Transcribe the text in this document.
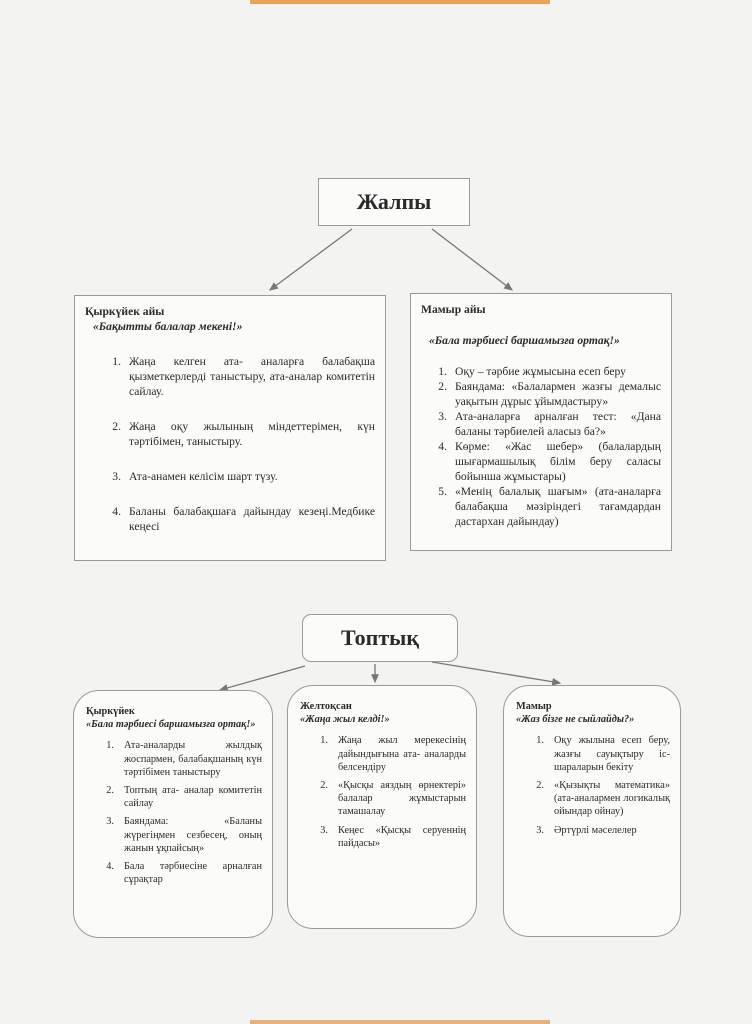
Жалпы
Қыркүйек айы
«Бақытты балалар мекені!»
1. Жаңа келген ата- аналарға балабақша қызметкерлерді таныстыру, ата-аналар комитетін сайлау.
2. Жаңа оқу жылының міндеттерімен, күн тәртібімен, таныстыру.
3. Ата-анамен келісім шарт түзу.
4. Баланы балабақшаға дайындау кезеңі.Медбике кеңесі
Мамыр айы
«Бала тәрбиесі баршамызға ортақ!»
1. Оқу – тәрбие жұмысына есеп беру
2. Баяндама: «Балалармен жазғы демалыс уақытын дұрыс ұйымдастыру»
3. Ата-аналарға арналған тест: «Дана баланы тәрбиелей аласыз ба?»
4. Көрме: «Жас шебер» (балалардың шығармашылық білім беру саласы бойынша жұмыстары)
5. «Менің балалық шағым» (ата-аналарға балабақша мәзіріндегі тағамдардан дастархан дайындау)
Топтық
Қыркүйек
«Бала тәрбиесі баршамызға ортақ!»
1. Ата-аналарды жылдық жоспармен, балабақшаның күн тәртібімен таныстыру
2. Топтың ата- аналар комитетін сайлау
3. Баяндама: «Баланы жүрегіңмен сезбесең, оның жанын ұқпайсың»
4. Бала тәрбиесіне арналған сұрақтар
Желтоқсан
«Жаңа жыл келді!»
1. Жаңа жыл мерекесінің дайындығына ата- аналарды белсендіру
2. «Қысқы аяздың өрнектері» балалар жұмыстарын тамашалау
3. Кеңес «Қысқы серуеннің пайдасы»
Мамыр
«Жаз бізге не сыйлайды?»
1. Оқу жылына есеп беру, жазғы сауықтыру іс-шараларын бекіту
2. «Қызықты математика» (ата-аналармен логикалық ойындар ойнау)
3. Әртүрлі мәселелер
